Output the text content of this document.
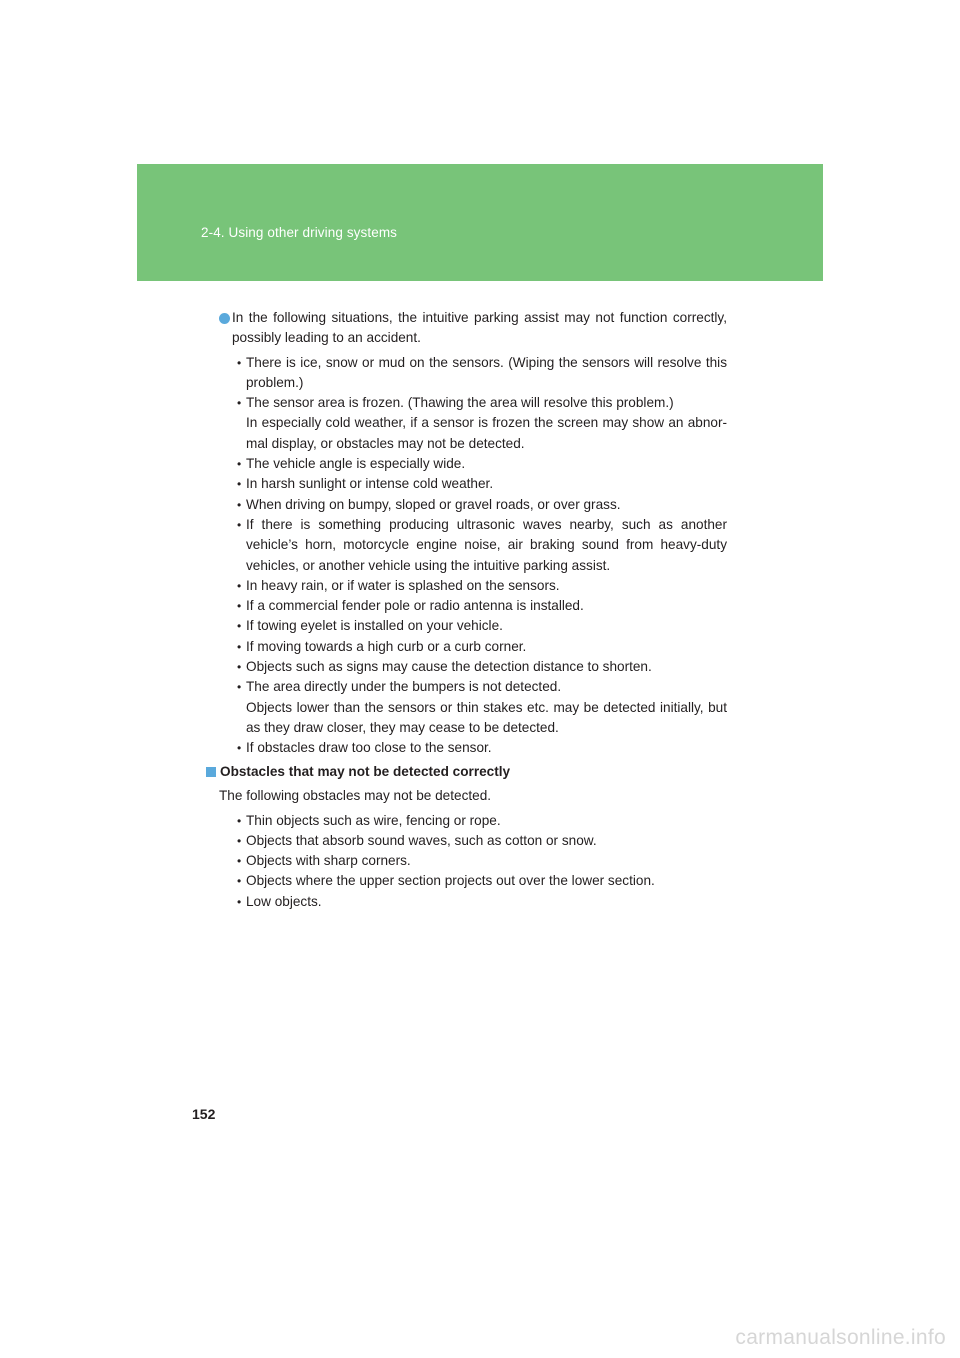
2-4. Using other driving systems
In the following situations, the intuitive parking assist may not function correctly, possibly leading to an accident.
• There is ice, snow or mud on the sensors. (Wiping the sensors will resolve this problem.)
• The sensor area is frozen. (Thawing the area will resolve this problem.)
In especially cold weather, if a sensor is frozen the screen may show an abnor-mal display, or obstacles may not be detected.
• The vehicle angle is especially wide.
• In harsh sunlight or intense cold weather.
• When driving on bumpy, sloped or gravel roads, or over grass.
• If there is something producing ultrasonic waves nearby, such as another vehicle’s horn, motorcycle engine noise, air braking sound from heavy-duty vehicles, or another vehicle using the intuitive parking assist.
• In heavy rain, or if water is splashed on the sensors.
• If a commercial fender pole or radio antenna is installed.
• If towing eyelet is installed on your vehicle.
• If moving towards a high curb or a curb corner.
• Objects such as signs may cause the detection distance to shorten.
• The area directly under the bumpers is not detected.
Objects lower than the sensors or thin stakes etc. may be detected initially, but as they draw closer, they may cease to be detected.
• If obstacles draw too close to the sensor.
Obstacles that may not be detected correctly
The following obstacles may not be detected.
• Thin objects such as wire, fencing or rope.
• Objects that absorb sound waves, such as cotton or snow.
• Objects with sharp corners.
• Objects where the upper section projects out over the lower section.
• Low objects.
152
carmanualsonline.info
